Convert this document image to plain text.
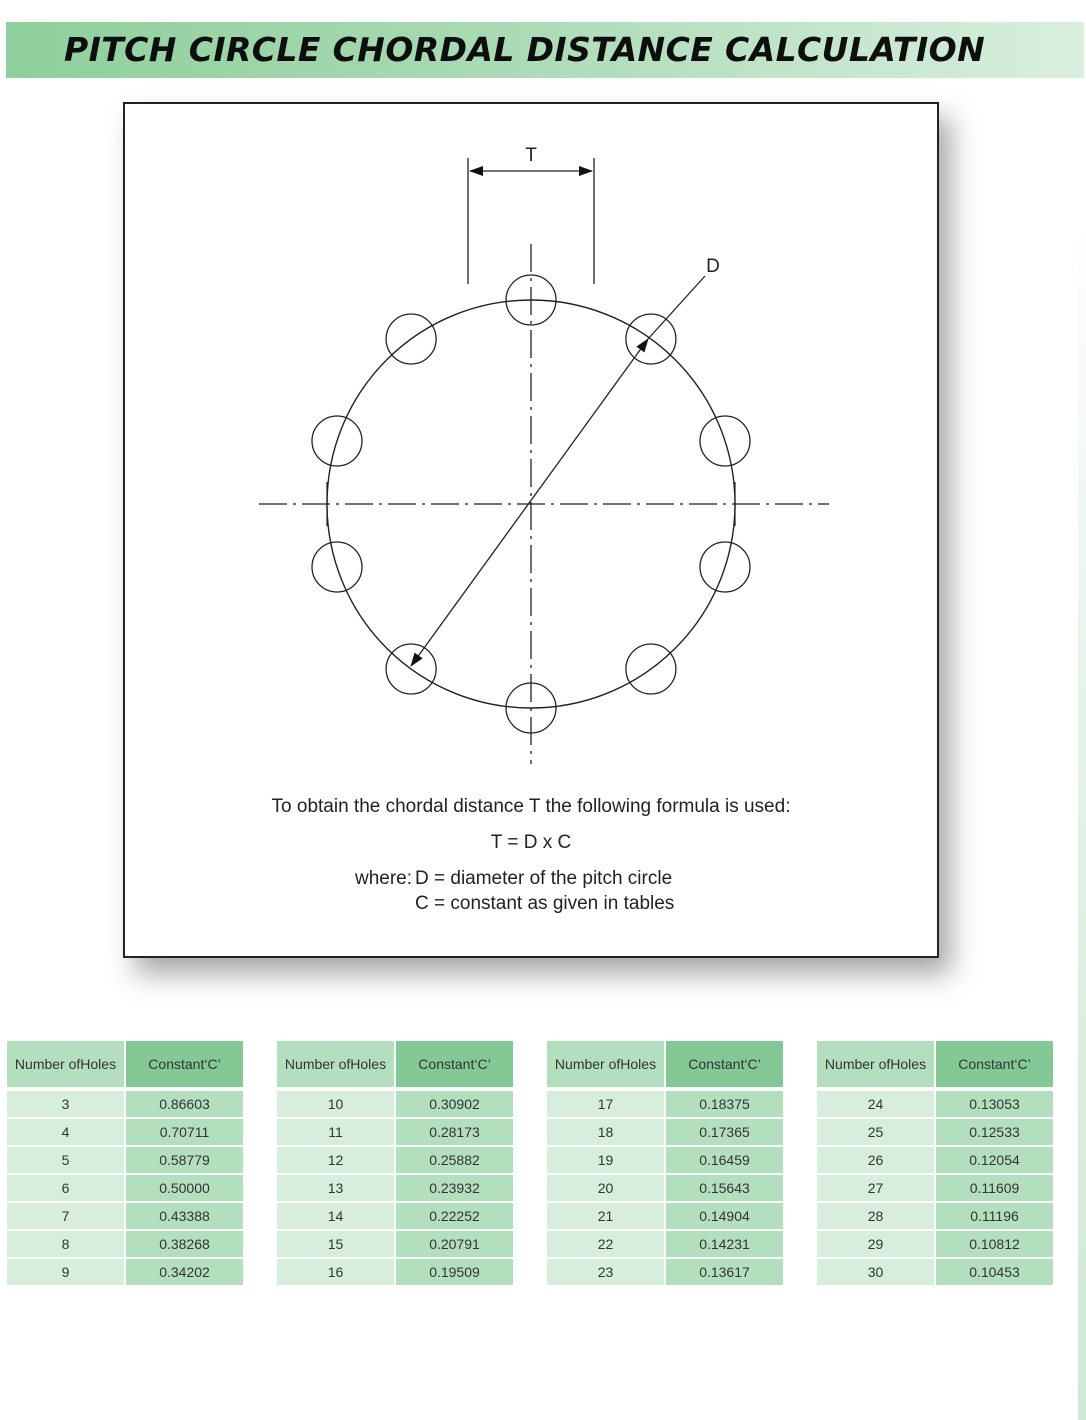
PITCH CIRCLE CHORDAL DISTANCE CALCULATION
T
D
To obtain the chordal distance T the following formula is used:
T = D x C
where: D = diameter of the pitch circle
C = constant as given in tables
Number of Holes Constant ‘C’
3	0.86603
4	0.70711
5	0.58779
6	0.50000
7	0.43388
8	0.38268
9	0.34202
Number of Holes Constant ‘C’
10	0.30902
11	0.28173
12	0.25882
13	0.23932
14	0.22252
15	0.20791
16	0.19509
Number of Holes Constant ‘C’
17	0.18375
18	0.17365
19	0.16459
20	0.15643
21	0.14904
22	0.14231
23	0.13617
Number of Holes Constant ‘C’
24	0.13053
25	0.12533
26	0.12054
27	0.11609
28	0.11196
29	0.10812
30	0.10453
